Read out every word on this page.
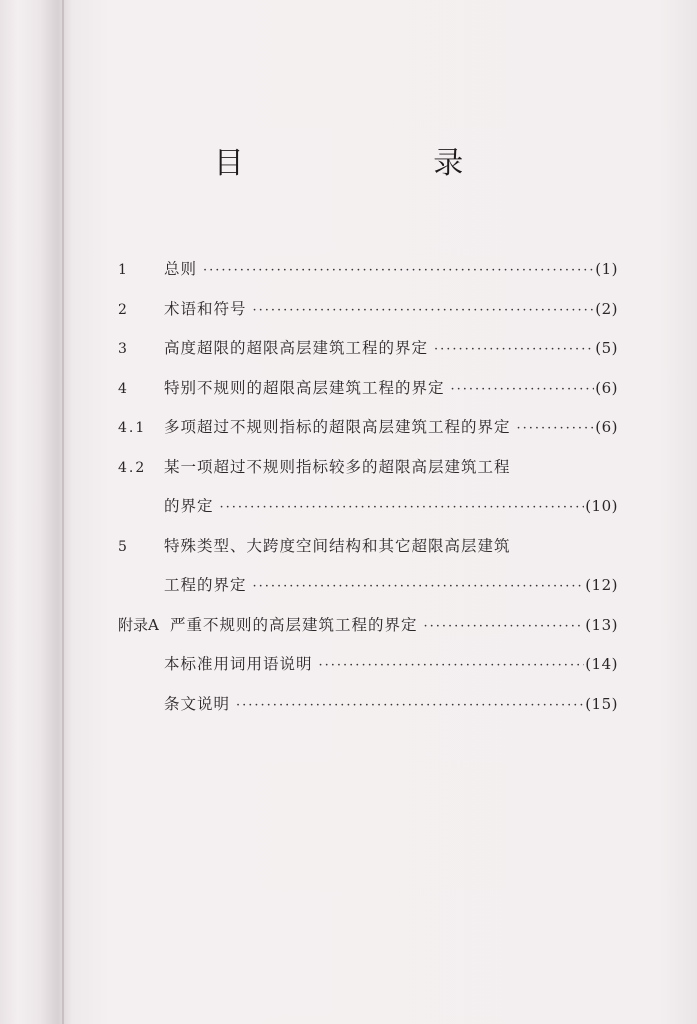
目 录
1	总则 ·····	(1)
2	术语和符号 ·····	(2)
3	高度超限的超限高层建筑工程的界定 ·····	(5)
4	特别不规则的超限高层建筑工程的界定 ·····	(6)
4.1	多项超过不规则指标的超限高层建筑工程的界定 ·····	(6)
4.2	某一项超过不规则指标较多的超限高层建筑工程
的界定 ·····	(10)
5	特殊类型、大跨度空间结构和其它超限高层建筑
工程的界定 ·····	(12)
附录A 严重不规则的高层建筑工程的界定 ·····	(13)
本标准用词用语说明 ·····	(14)
条文说明 ·····	(15)
